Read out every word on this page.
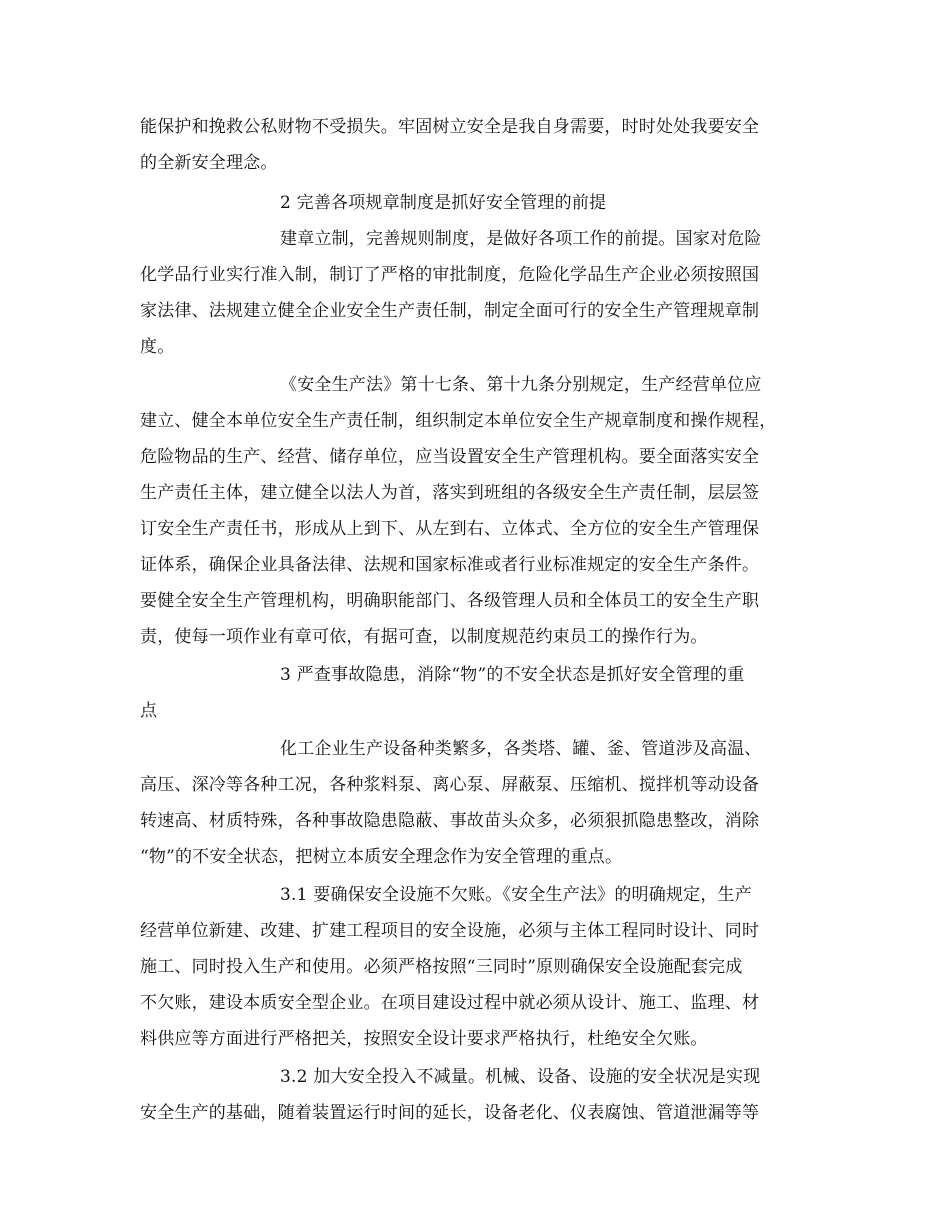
能保护和挽救公私财物不受损失。牢固树立安全是我自身需要，时时处处我要安全
的全新安全理念。
2 完善各项规章制度是抓好安全管理的前提
建章立制，完善规则制度，是做好各项工作的前提。国家对危险
化学品行业实行准入制，制订了严格的审批制度，危险化学品生产企业必须按照国
家法律、法规建立健全企业安全生产责任制，制定全面可行的安全生产管理规章制
度。
《安全生产法》第十七条、第十九条分别规定，生产经营单位应
建立、健全本单位安全生产责任制，组织制定本单位安全生产规章制度和操作规程，
危险物品的生产、经营、储存单位，应当设置安全生产管理机构。要全面落实安全
生产责任主体，建立健全以法人为首，落实到班组的各级安全生产责任制，层层签
订安全生产责任书，形成从上到下、从左到右、立体式、全方位的安全生产管理保
证体系，确保企业具备法律、法规和国家标准或者行业标准规定的安全生产条件。
要健全安全生产管理机构，明确职能部门、各级管理人员和全体员工的安全生产职
责，使每一项作业有章可依，有据可查，以制度规范约束员工的操作行为。
3 严查事故隐患，消除“物”的不安全状态是抓好安全管理的重
点
化工企业生产设备种类繁多，各类塔、罐、釜、管道涉及高温、
高压、深冷等各种工况，各种浆料泵、离心泵、屏蔽泵、压缩机、搅拌机等动设备
转速高、材质特殊，各种事故隐患隐蔽、事故苗头众多，必须狠抓隐患整改，消除
“物”的不安全状态，把树立本质安全理念作为安全管理的重点。
3.1 要确保安全设施不欠账。《安全生产法》的明确规定，生产
经营单位新建、改建、扩建工程项目的安全设施，必须与主体工程同时设计、同时
施工、同时投入生产和使用。必须严格按照“三同时”原则确保安全设施配套完成
不欠账，建设本质安全型企业。在项目建设过程中就必须从设计、施工、监理、材
料供应等方面进行严格把关，按照安全设计要求严格执行，杜绝安全欠账。
3.2 加大安全投入不减量。机械、设备、设施的安全状况是实现
安全生产的基础，随着装置运行时间的延长，设备老化、仪表腐蚀、管道泄漏等等
